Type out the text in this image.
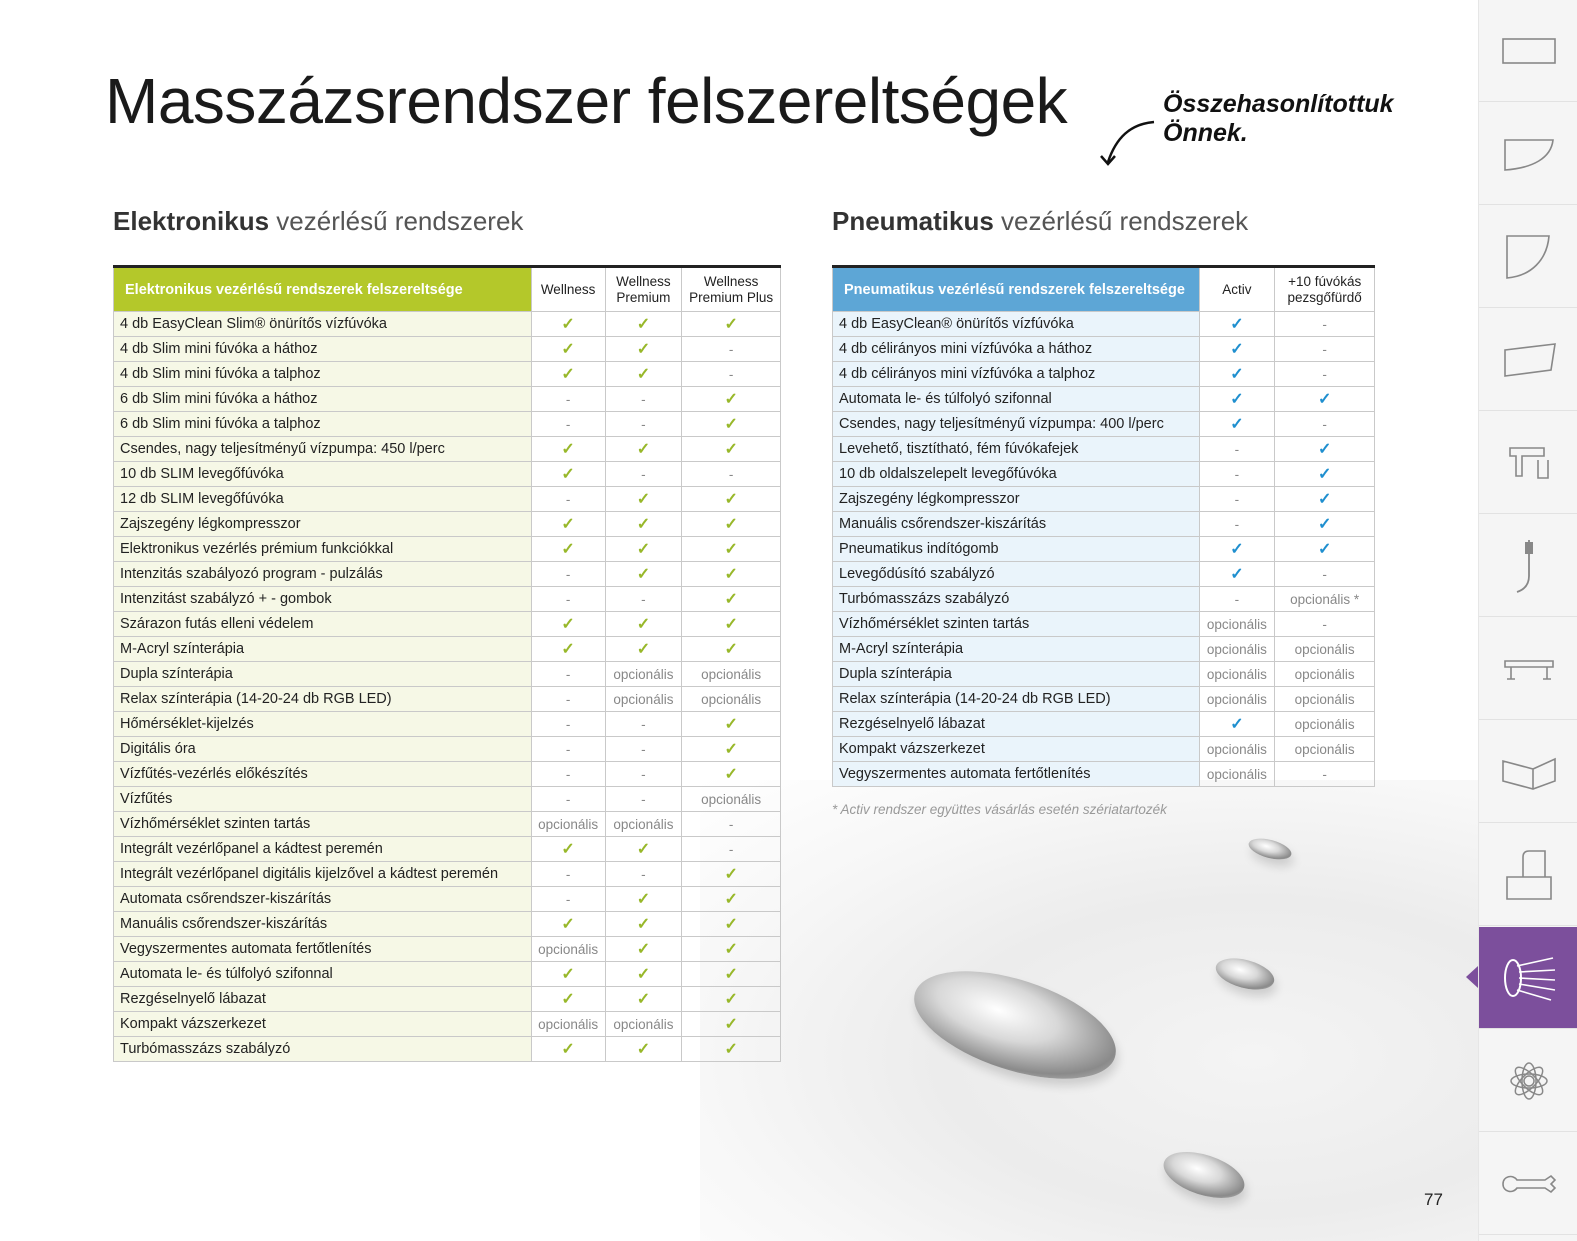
Masszázsrendszer felszereltségek	Összehasonlítottuk
Önnek.
Elektronikus vezérlésű rendszerek	Pneumatikus vezérlésű rendszerek
Elektronikus vezérlésű rendszerek felszereltsége	Wellness	Wellness Premium	Wellness Premium Plus
4 db EasyClean Slim® önürítős vízfúvóka	✓	✓	✓
4 db Slim mini fúvóka a háthoz	✓	✓	-
4 db Slim mini fúvóka a talphoz	✓	✓	-
6 db Slim mini fúvóka a háthoz	-	-	✓
6 db Slim mini fúvóka a talphoz	-	-	✓
Csendes, nagy teljesítményű vízpumpa: 450 l/perc	✓	✓	✓
10 db SLIM levegőfúvóka	✓	-	-
12 db SLIM levegőfúvóka	-	✓	✓
Zajszegény légkompresszor	✓	✓	✓
Elektronikus vezérlés prémium funkciókkal	✓	✓	✓
Intenzitás szabályozó program - pulzálás	-	✓	✓
Intenzitást szabályzó + - gombok	-	-	✓
Szárazon futás elleni védelem	✓	✓	✓
M-Acryl színterápia	✓	✓	✓
Dupla színterápia	-	opcionális	opcionális
Relax színterápia (14-20-24 db RGB LED)	-	opcionális	opcionális
Hőmérséklet-kijelzés	-	-	✓
Digitális óra	-	-	✓
Vízfűtés-vezérlés előkészítés	-	-	✓
Vízfűtés	-	-	opcionális
Vízhőmérséklet szinten tartás	opcionális	opcionális	-
Integrált vezérlőpanel a kádtest peremén	✓	✓	-
Integrált vezérlőpanel digitális kijelzővel a kádtest peremén	-	-	✓
Automata csőrendszer-kiszárítás	-	✓	✓
Manuális csőrendszer-kiszárítás	✓	✓	✓
Vegyszermentes automata fertőtlenítés	opcionális	✓	✓
Automata le- és túlfolyó szifonnal	✓	✓	✓
Rezgéselnyelő lábazat	✓	✓	✓
Kompakt vázszerkezet	opcionális	opcionális	✓
Turbómasszázs szabályzó	✓	✓	✓
Pneumatikus vezérlésű rendszerek felszereltsége	Activ	+10 fúvókás pezsgőfürdő
4 db EasyClean® önürítős vízfúvóka	✓	-
4 db célirányos mini vízfúvóka a háthoz	✓	-
4 db célirányos mini vízfúvóka a talphoz	✓	-
Automata le- és túlfolyó szifonnal	✓	✓
Csendes, nagy teljesítményű vízpumpa: 400 l/perc	✓	-
Levehető, tisztítható, fém fúvókafejek	-	✓
10 db oldalszelepelt levegőfúvóka	-	✓
Zajszegény légkompresszor	-	✓
Manuális csőrendszer-kiszárítás	-	✓
Pneumatikus indítógomb	✓	✓
Levegődúsító szabályzó	✓	-
Turbómasszázs szabályzó	-	opcionális *
Vízhőmérséklet szinten tartás	opcionális	-
M-Acryl színterápia	opcionális	opcionális
Dupla színterápia	opcionális	opcionális
Relax színterápia (14-20-24 db RGB LED)	opcionális	opcionális
Rezgéselnyelő lábazat	✓	opcionális
Kompakt vázszerkezet	opcionális	opcionális
Vegyszermentes automata fertőtlenítés	opcionális	-
* Activ rendszer együttes vásárlás esetén szériatartozék
77
